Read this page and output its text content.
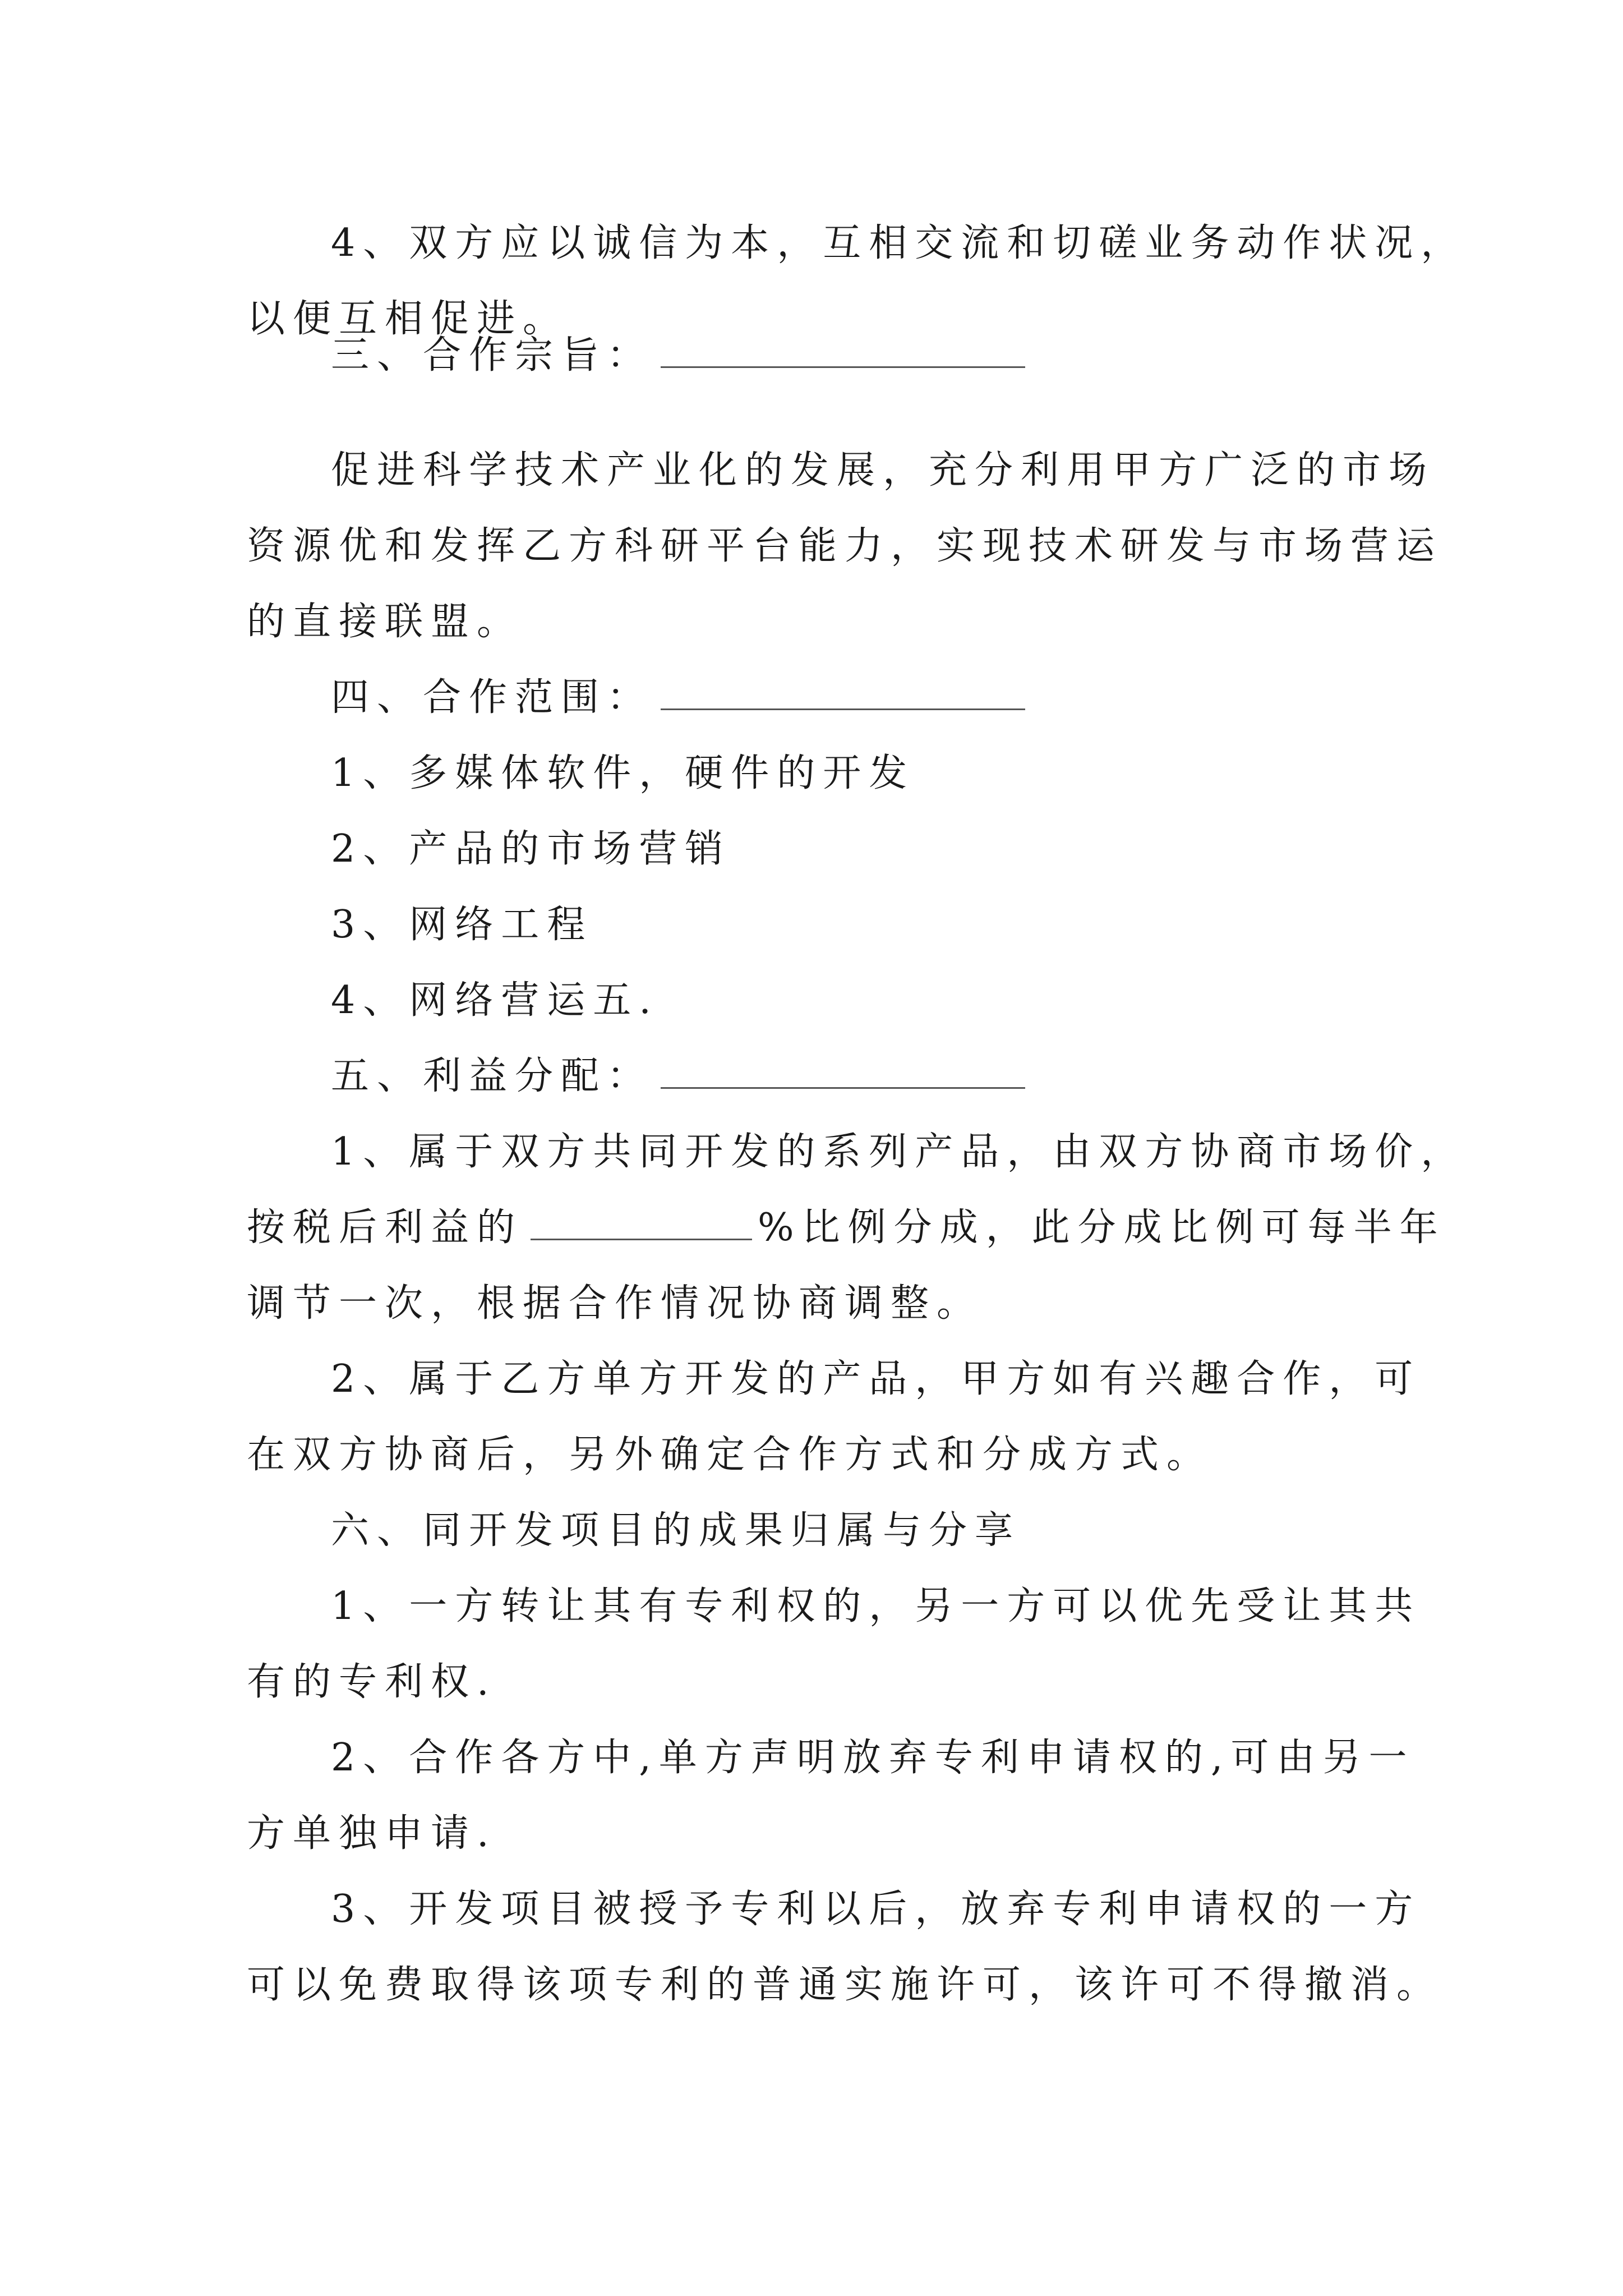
4、双方应以诚信为本，互相交流和切磋业务动作状况，
以便互相促进。
三、合作宗旨：
促进科学技术产业化的发展，充分利用甲方广泛的市场
资源优和发挥乙方科研平台能力，实现技术研发与市场营运
的直接联盟。
四、合作范围：
1、多媒体软件，硬件的开发
2、产品的市场营销
3、网络工程
4、网络营运五.
五、利益分配：
1、属于双方共同开发的系列产品，由双方协商市场价，
按税后利益的	%比例分成，此分成比例可每半年
调节一次，根据合作情况协商调整。
2、属于乙方单方开发的产品，甲方如有兴趣合作，可
在双方协商后，另外确定合作方式和分成方式。
六、同开发项目的成果归属与分享
1、一方转让其有专利权的，另一方可以优先受让其共
有的专利权.
2、合作各方中,单方声明放弃专利申请权的,可由另一
方单独申请.
3、开发项目被授予专利以后，放弃专利申请权的一方
可以免费取得该项专利的普通实施许可，该许可不得撤消。
